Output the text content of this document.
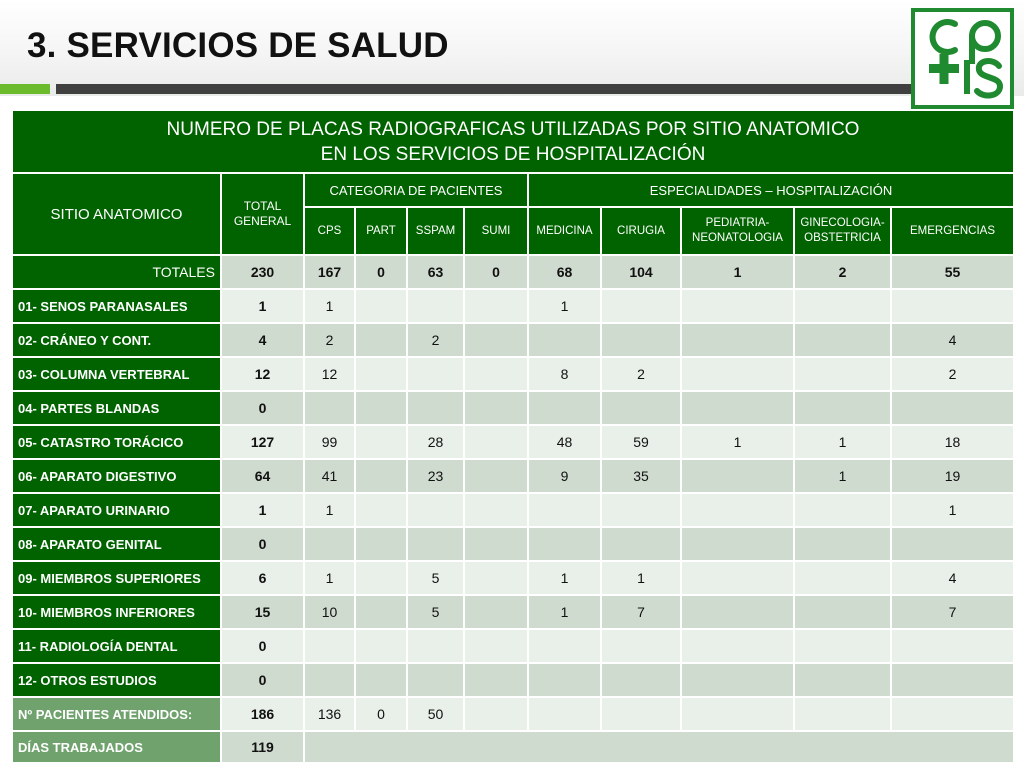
3. SERVICIOS DE SALUD
NUMERO DE PLACAS RADIOGRAFICAS UTILIZADAS POR SITIO ANATOMICO
EN LOS SERVICIOS DE HOSPITALIZACIÓN										

SITIO ANATOMICO	TOTAL GENERAL	CATEGORIA DE PACIENTES				ESPECIALIDADES – HOSPITALIZACIÓN				
		CPS	PART	SSPAM	SUMI	MEDICINA	CIRUGIA	PEDIATRIA-NEONATOLOGIA	GINECOLOGIA-OBSTETRICIA	EMERGENCIAS
TOTALES	230	167	0	63	0	68	104	1	2	55
01- SENOS PARANASALES	1	1				1				
02- CRÁNEO Y CONT.	4	2		2						4
03- COLUMNA VERTEBRAL	12	12				8	2			2
04- PARTES BLANDAS	0									
05- CATASTRO TORÁCICO	127	99		28		48	59	1	1	18
06- APARATO DIGESTIVO	64	41		23		9	35		1	19
07- APARATO URINARIO	1	1								1
08- APARATO GENITAL	0									
09- MIEMBROS SUPERIORES	6	1		5		1	1			4
10- MIEMBROS INFERIORES	15	10		5		1	7			7
11- RADIOLOGÍA DENTAL	0									
12- OTROS ESTUDIOS	0									
Nº PACIENTES ATENDIDOS:	186	136	0	50						
DÍAS TRABAJADOS	119									
